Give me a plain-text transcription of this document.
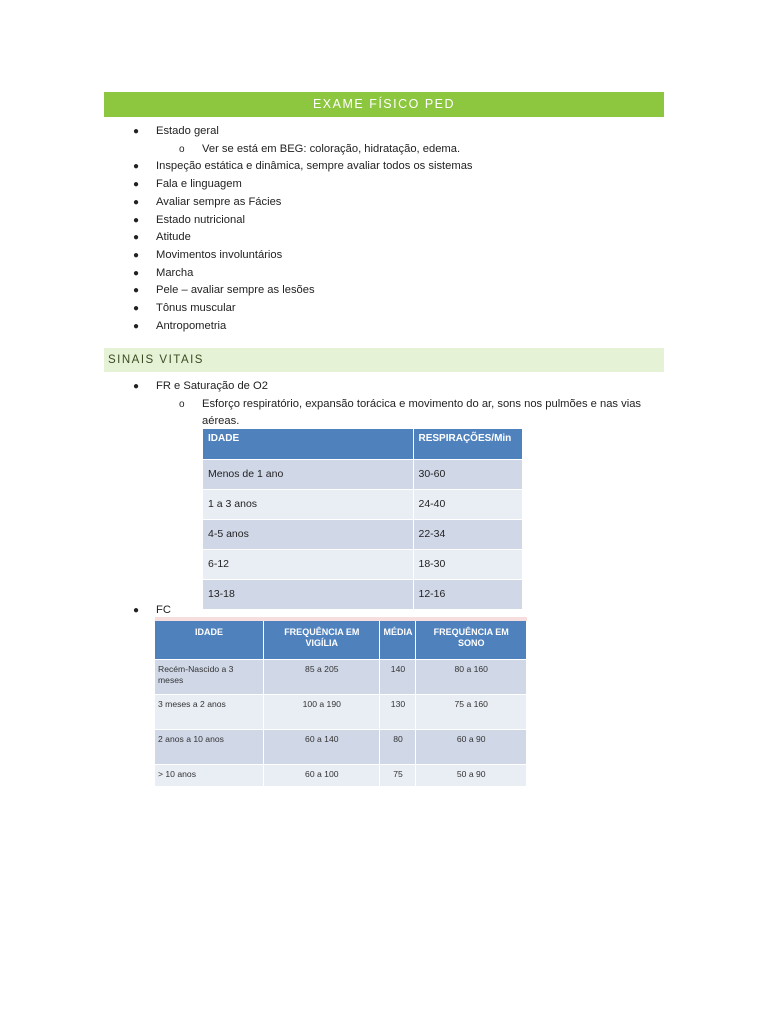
EXAME FÍSICO PED
● Estado geral
o Ver se está em BEG: coloração, hidratação, edema.
● Inspeção estática e dinâmica, sempre avaliar todos os sistemas
● Fala e linguagem
● Avaliar sempre as Fácies
● Estado nutricional
● Atitude
● Movimentos involuntários
● Marcha
● Pele – avaliar sempre as lesões
● Tônus muscular
● Antropometria
SINAIS VITAIS
● FR e Saturação de O2
o Esforço respiratório, expansão torácica e movimento do ar, sons nos pulmões e nas vias aéreas.
IDADE	RESPIRAÇÕES/Min
Menos de 1 ano	30-60
1 a 3 anos	24-40
4-5 anos	22-34
6-12	18-30
13-18	12-16
● FC
IDADE	FREQUÊNCIA EM VIGÍLIA	MÉDIA	FREQUÊNCIA EM SONO
Recém-Nascido a 3 meses	85 a 205	140	80 a 160
3 meses a 2 anos	100 a 190	130	75 a 160
2 anos a 10 anos	60 a 140	80	60 a 90
> 10 anos	60 a 100	75	50 a 90
